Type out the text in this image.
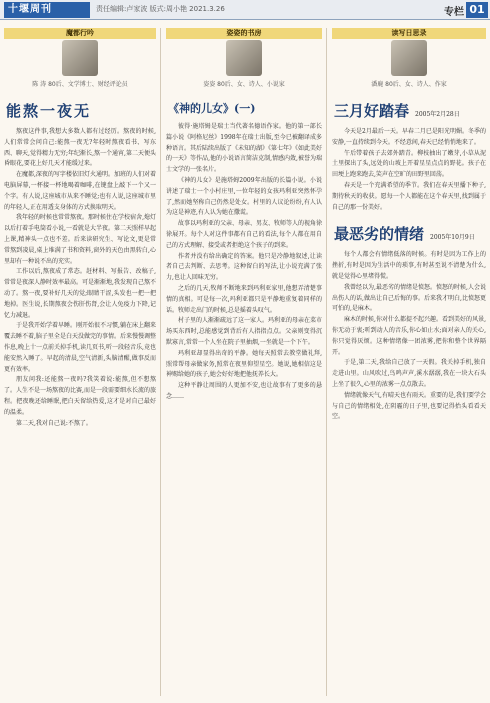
十堰周刊	责任编辑:卢家波 版式:周小艳 2021.3.26	专栏 01
魔都行吟
陈 涛 80后、文学博士、财经评论员
能熬一夜无

熬夜这件事,我想大多数人都有过经历。熬夜的时候,人们常常会问自己:能熬一夜无?年轻时熬夜看书、写东西、聊天,觉得精力无穷;年纪渐长,熬一个通宵,第二天便头昏眼花,要花上好几天才能缓过来。

在魔都,深夜的写字楼依旧灯火通明。加班的人们对着电脑屏幕,一杯接一杯地喝着咖啡,在键盘上敲下一个又一个字。有人说,这座城市从来不睡觉;也有人说,这座城市里的年轻人,正在用透支身体的方式换取明天。

我年轻的时候也常常熬夜。那时候住在学校宿舍,熄灯以后打着手电筒看小说,一看就是大半夜。第二天照样早起上课,精神头一点也不差。后来读研究生、写论文,更是常常熬到凌晨,桌上堆满了书和资料,窗外的天色由黑转白,心里却有一种说不出的充实。

工作以后,熬夜成了常态。赶材料、写报告、改稿子,常常是夜深人静时效率最高。可是渐渐地,我发现自己熬不动了。熬一夜,要补好几天的觉;眼睛干涩,头发也一把一把地掉。医生说,长期熬夜会伤肝伤肾,会让人免疫力下降,记忆力减退。

于是我开始学着早睡。刚开始很不习惯,躺在床上翻来覆去睡不着,脑子里全是白天没做完的事情。后来慢慢调整作息,晚上十一点前关掉手机,读几页书,听一段轻音乐,竟也能安然入睡了。早起的清晨,空气清新,头脑清醒,做事反而更有效率。

朋友问我:还能熬一夜吗?我笑着说:能熬,但不想熬了。人生不是一场熬夜的比赛,而是一段需要细水长流的旅程。把夜晚还给睡眠,把白天留给热爱,这才是对自己最好的温柔。

第二天,我对自己说:不熬了。

姿姿的书房
姿姿 80后、女、诗人、小说家
《神的儿女》(一)

彼得·施塔姆是瑞士当代著名德语作家。他的第一部长篇小说《阿格尼丝》1998年在瑞士出版,至今已被翻译成多种语言。其后陆续出版了《未知的湖》《第七年》《如此美好的一天》等作品,他的小说语言简洁克制,情感内敛,被誉为瑞士文学的一张名片。

《神的儿女》是施塔姆2009年出版的长篇小说。小说讲述了瑞士一个小村庄里,一位年轻的女孩玛利亚突然怀孕了,然而她坚称自己仍然是处女。村里的人议论纷纷,有人认为这是神迹,有人认为她在撒谎。

故事以玛利亚的父亲、母亲、男友、牧师等人的视角徐徐展开。每个人对这件事都有自己的看法,每个人都在用自己的方式理解、接受或者拒绝这个孩子的到来。

作者并没有给出确定的答案。他只是冷静地叙述,让读者自己去判断、去思考。这种留白的写法,让小说充满了张力,也让人回味无穷。

之后的几天,牧师不断地来到玛利亚家里,他想弄清楚事情的真相。可是每一次,玛利亚都只是平静地重复着同样的话。牧师走出门的时候,总是摇着头叹气。

村子里的人渐渐疏远了这一家人。玛利亚的母亲在菜市场买东西时,总能感觉到背后有人指指点点。父亲则变得沉默寡言,常常一个人坐在院子里抽烟,一坐就是一个下午。

玛利亚却显得出奇的平静。她每天照常去教堂做礼拜,照常帮母亲做家务,照常在夜里仰望星空。她说,她相信这是神赐给她的孩子,她会好好地把他抚养长大。

这种平静让周围的人更加不安,也让故事有了更多的悬念……

读写日思录
潘鹿 80后、女、诗人、作家
三月好踏春 2005年2月28日

今天是2月最后一天。早春二月已是阳光明媚。冬季的安静,一直持续到今天。不经意间,春天已经悄悄地来了。

午后带着孩子去郊外踏青。柳枝抽出了嫩芽,小草从泥土里探出了头,远处的山坡上开着星星点点的野花。孩子在田埂上跑来跑去,笑声在空旷的田野里回荡。

春天是一个充满希望的季节。我们在春天里播下种子,期待秋天的收获。愿每一个人都能在这个春天里,找到属于自己的那一份美好。

最恶劣的情绪 2005年10月9日

每个人都会有情绪低落的时候。有时是因为工作上的挫折,有时是因为生活中的琐事,有时甚至说不清楚为什么,就是觉得心里堵得慌。

我曾经以为,最恶劣的情绪是愤怒。愤怒的时候,人会说出伤人的话,做出让自己后悔的事。后来我才明白,比愤怒更可怕的,是麻木。

麻木的时候,你对什么都提不起兴趣。看到美好的风景,你无动于衷;听到动人的音乐,你心如止水;面对亲人的关心,你只觉得厌烦。这种情绪像一团浓雾,把你和整个世界隔开。

于是,第二天,我给自己放了一天假。我关掉手机,独自走进山里。山风吹过,鸟鸣声声,溪水潺潺,我在一块大石头上坐了很久,心里的浓雾一点点散去。

情绪就像天气,有晴天也有雨天。重要的是,我们要学会与自己的情绪相处,在阴霾的日子里,也要记得抬头看看天空。
